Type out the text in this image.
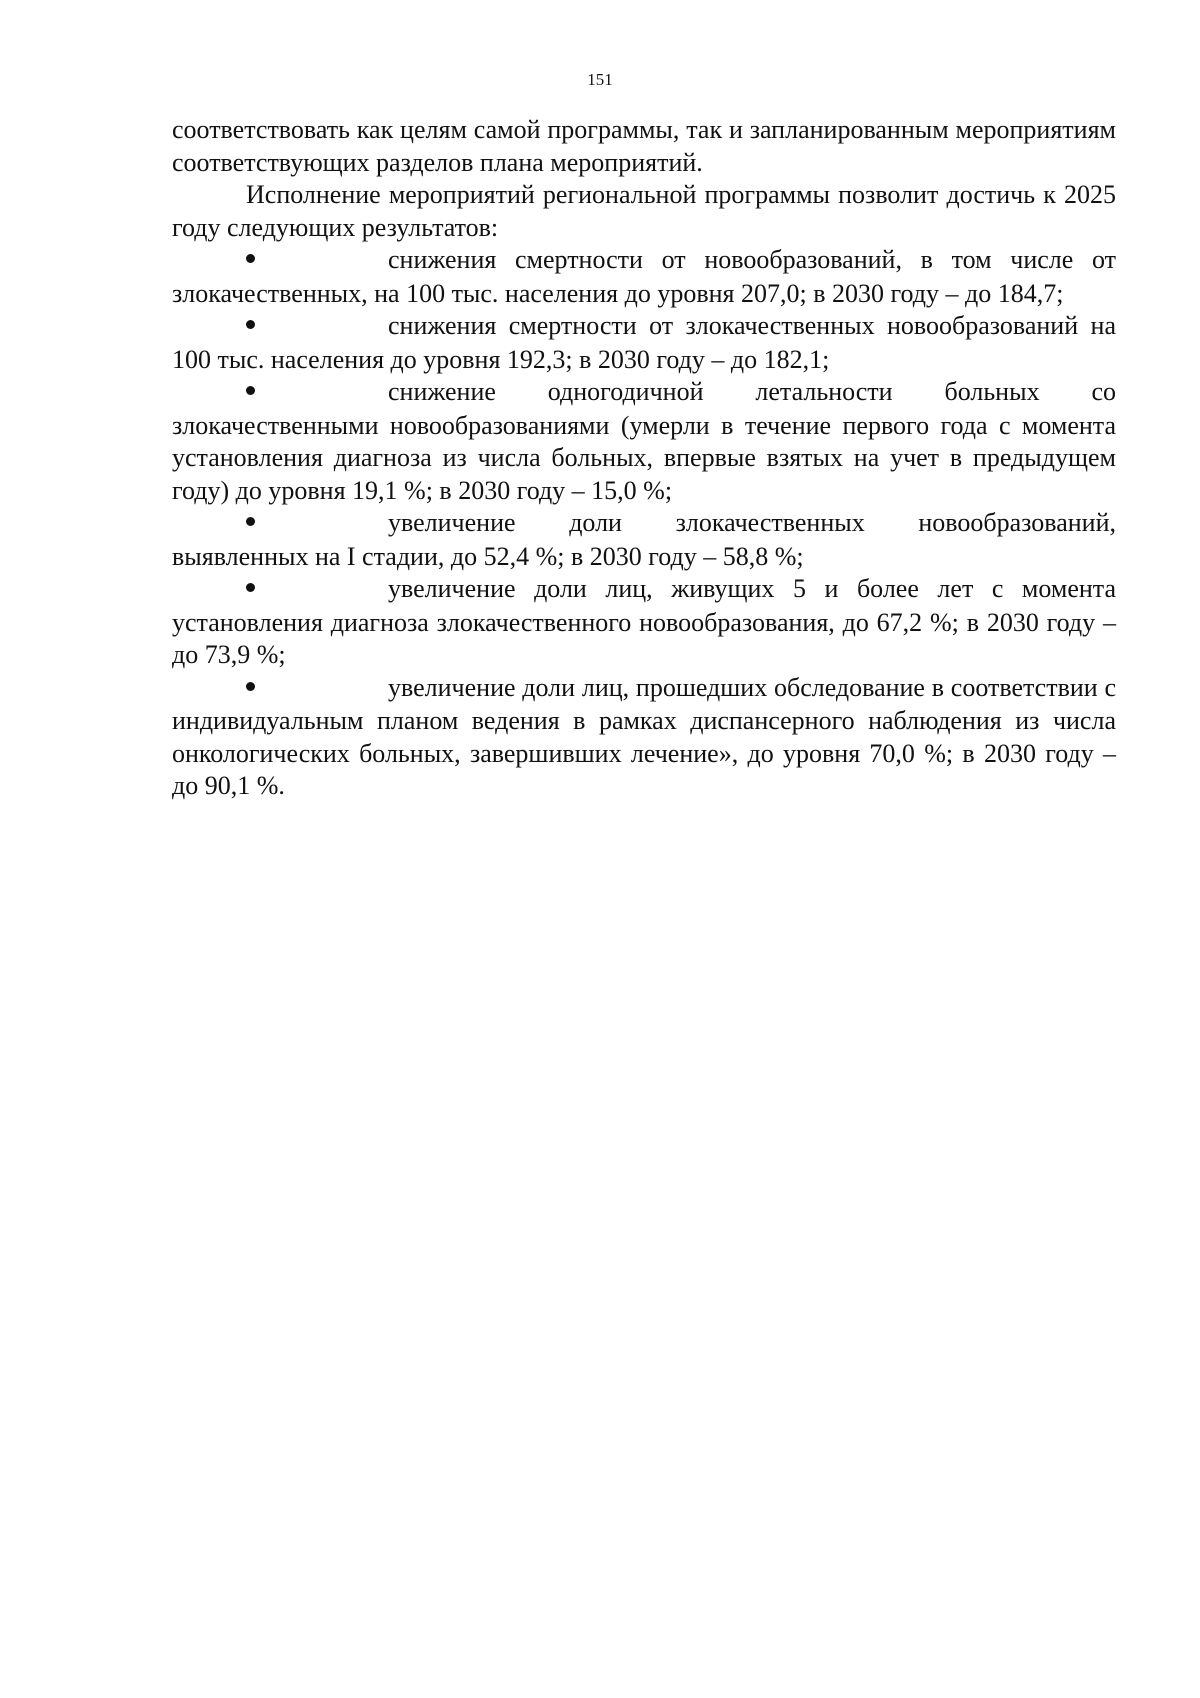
151

соответствовать как целям самой программы, так и запланированным мероприятиям соответствующих разделов плана мероприятий.

Исполнение мероприятий региональной программы позволит достичь к 2025 году следующих результатов:

снижения смертности от новообразований, в том числе от злокачественных, на 100 тыс. населения до уровня 207,0; в 2030 году – до 184,7;
снижения смертности от злокачественных новообразований на 100 тыс. населения до уровня 192,3; в 2030 году – до 182,1;
снижение одногодичной летальности больных со злокачественными новообразованиями (умерли в течение первого года с момента установления диагноза из числа больных, впервые взятых на учет в предыдущем году) до уровня 19,1 %; в 2030 году – 15,0 %;
увеличение доли злокачественных новообразований, выявленных на I стадии, до 52,4 %; в 2030 году – 58,8 %;
увеличение доли лиц, живущих 5 и более лет с момента установления диагноза злокачественного новообразования, до 67,2 %; в 2030 году – до 73,9 %;
увеличение доли лиц, прошедших обследование в соответствии с индивидуальным планом ведения в рамках диспансерного наблюдения из числа онкологических больных, завершивших лечение», до уровня 70,0 %; в 2030 году – до 90,1 %.
